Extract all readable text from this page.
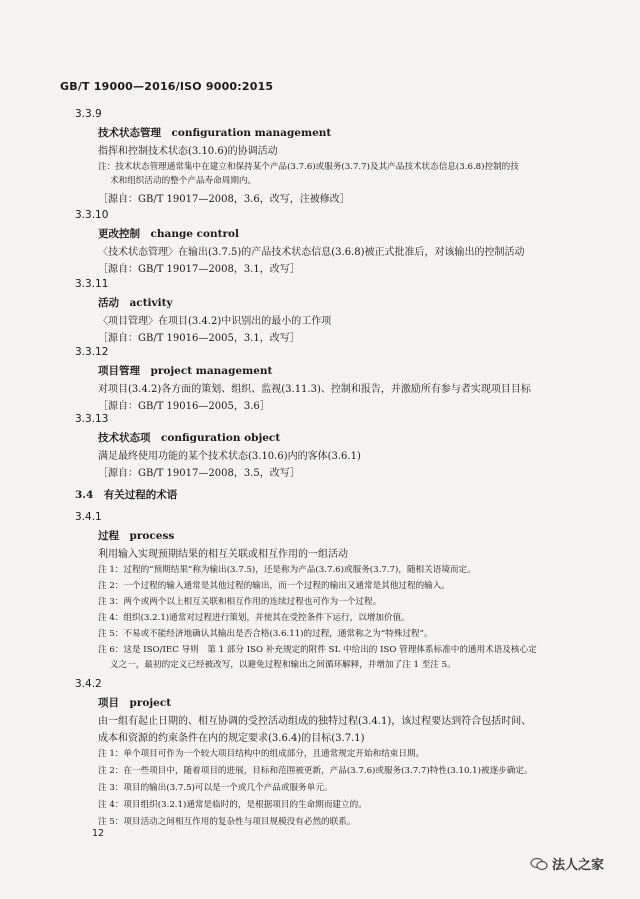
GB/T 19000—2016/ISO 9000:2015
3.3.9
技术状态管理　configuration management
指挥和控制技术状态(3.10.6)的协调活动
注：技术状态管理通常集中在建立和保持某个产品(3.7.6)或服务(3.7.7)及其产品技术状态信息(3.6.8)控制的技
术和组织活动的整个产品寿命周期内。
［源自：GB/T 19017—2008，3.6，改写，注被修改］
3.3.10
更改控制　change control
〈技术状态管理〉在输出(3.7.5)的产品技术状态信息(3.6.8)被正式批准后，对该输出的控制活动
［源自：GB/T 19017—2008，3.1，改写］
3.3.11
活动　activity
〈项目管理〉在项目(3.4.2)中识别出的最小的工作项
［源自：GB/T 19016—2005，3.1，改写］
3.3.12
项目管理　project management
对项目(3.4.2)各方面的策划、组织、监视(3.11.3)、控制和报告，并激励所有参与者实现项目目标
［源自：GB/T 19016—2005，3.6］
3.3.13
技术状态项　configuration object
满足最终使用功能的某个技术状态(3.10.6)内的客体(3.6.1)
［源自：GB/T 19017—2008，3.5，改写］
3.4　有关过程的术语
3.4.1
过程　process
利用输入实现预期结果的相互关联或相互作用的一组活动
注 1：过程的“预期结果”称为输出(3.7.5)，还是称为产品(3.7.6)或服务(3.7.7)，随相关语境而定。
注 2：一个过程的输入通常是其他过程的输出，而一个过程的输出又通常是其他过程的输入。
注 3：两个或两个以上相互关联和相互作用的连续过程也可作为一个过程。
注 4：组织(3.2.1)通常对过程进行策划，并使其在受控条件下运行，以增加价值。
注 5：不易或不能经济地确认其输出是否合格(3.6.11)的过程，通常称之为“特殊过程”。
注 6：这是 ISO/IEC 导则　第 1 部分 ISO 补充规定的附件 SL 中给出的 ISO 管理体系标准中的通用术语及核心定
义之一，最初的定义已经被改写，以避免过程和输出之间循环解释，并增加了注 1 至注 5。
3.4.2
项目　project
由一组有起止日期的、相互协调的受控活动组成的独特过程(3.4.1)，该过程要达到符合包括时间、
成本和资源的约束条件在内的规定要求(3.6.4)的目标(3.7.1)
注 1：单个项目可作为一个较大项目结构中的组成部分，且通常规定开始和结束日期。
注 2：在一些项目中，随着项目的进展，目标和范围被更新，产品(3.7.6)或服务(3.7.7)特性(3.10.1)被逐步确定。
注 3：项目的输出(3.7.5)可以是一个或几个产品或服务单元。
注 4：项目组织(3.2.1)通常是临时的，是根据项目的生命期而建立的。
注 5：项目活动之间相互作用的复杂性与项目规模没有必然的联系。
12
法人之家
